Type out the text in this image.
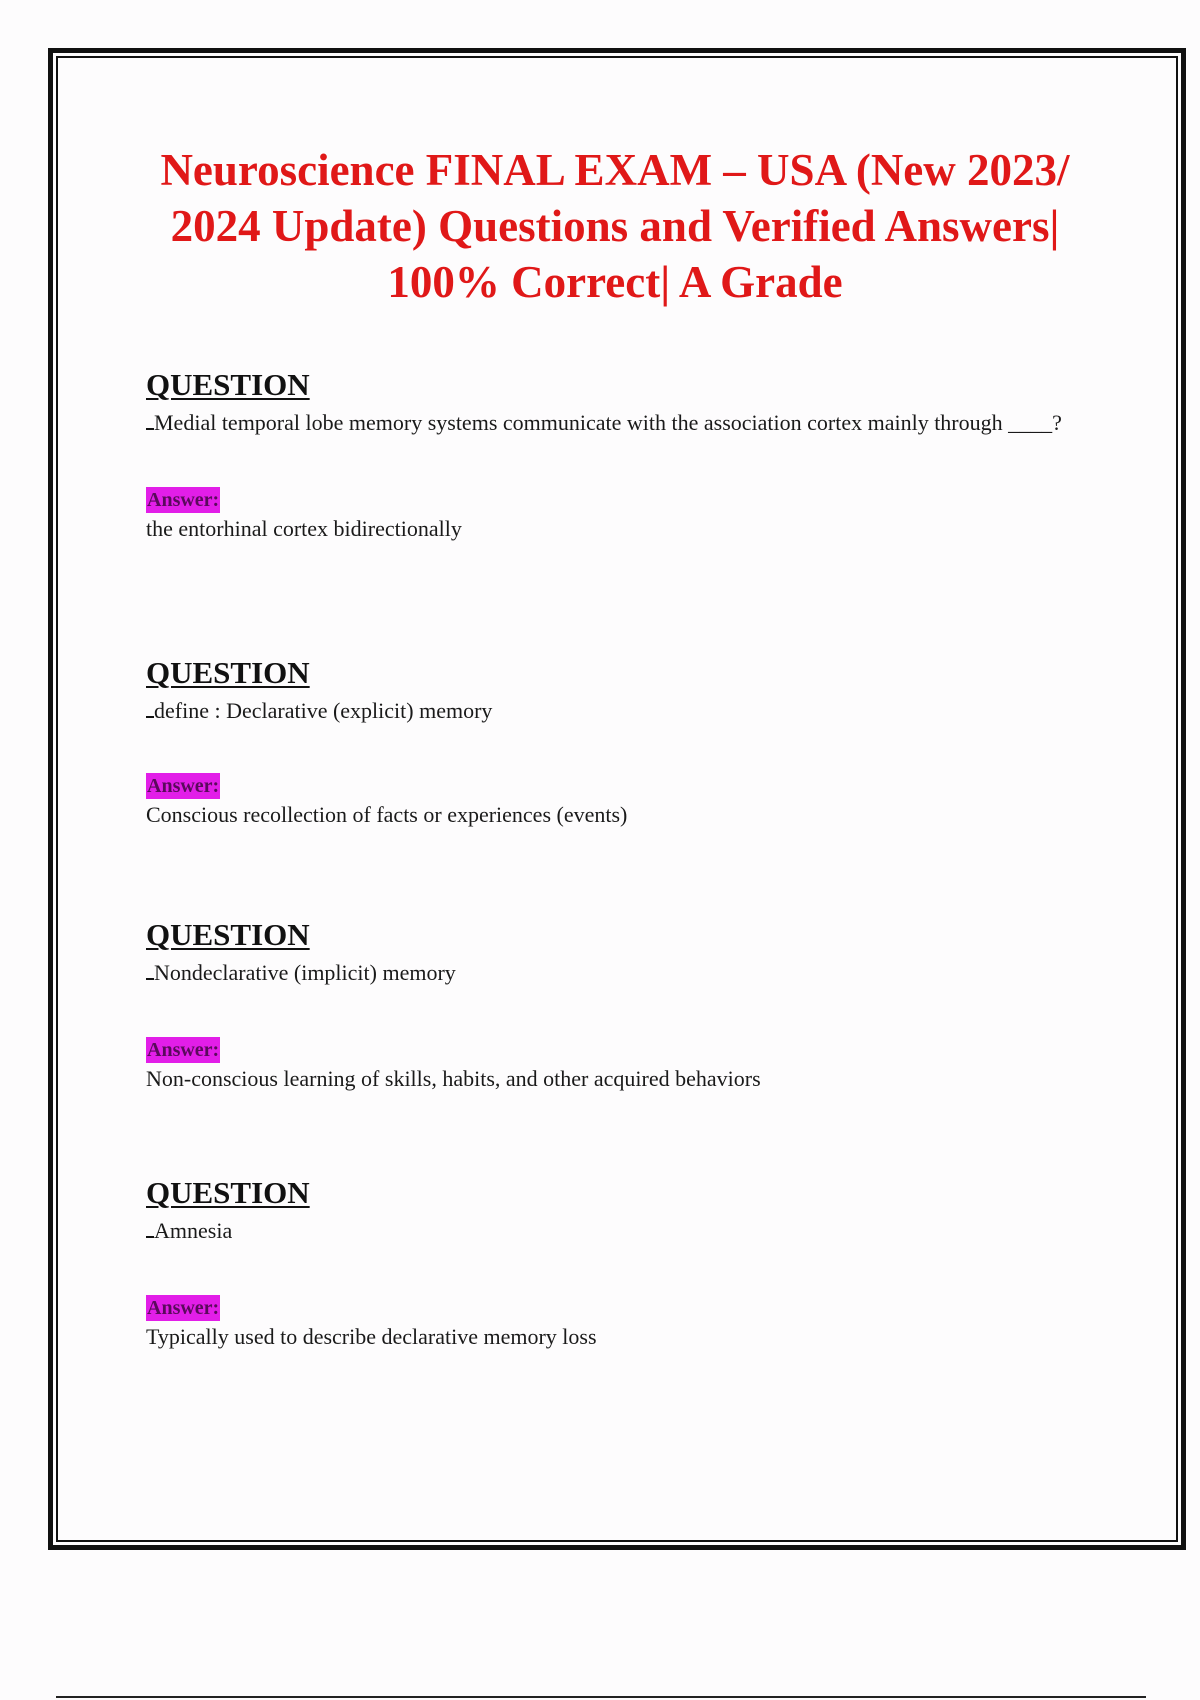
Neuroscience FINAL EXAM – USA (New 2023/ 2024 Update) Questions and Verified Answers| 100% Correct| A Grade
QUESTION

Medial temporal lobe memory systems communicate with the association cortex mainly through ____?

Answer:

the entorhinal cortex bidirectionally

QUESTION

define : Declarative (explicit) memory

Answer:

Conscious recollection of facts or experiences (events)

QUESTION

Nondeclarative (implicit) memory

Answer:

Non-conscious learning of skills, habits, and other acquired behaviors

QUESTION

Amnesia

Answer:

Typically used to describe declarative memory loss
